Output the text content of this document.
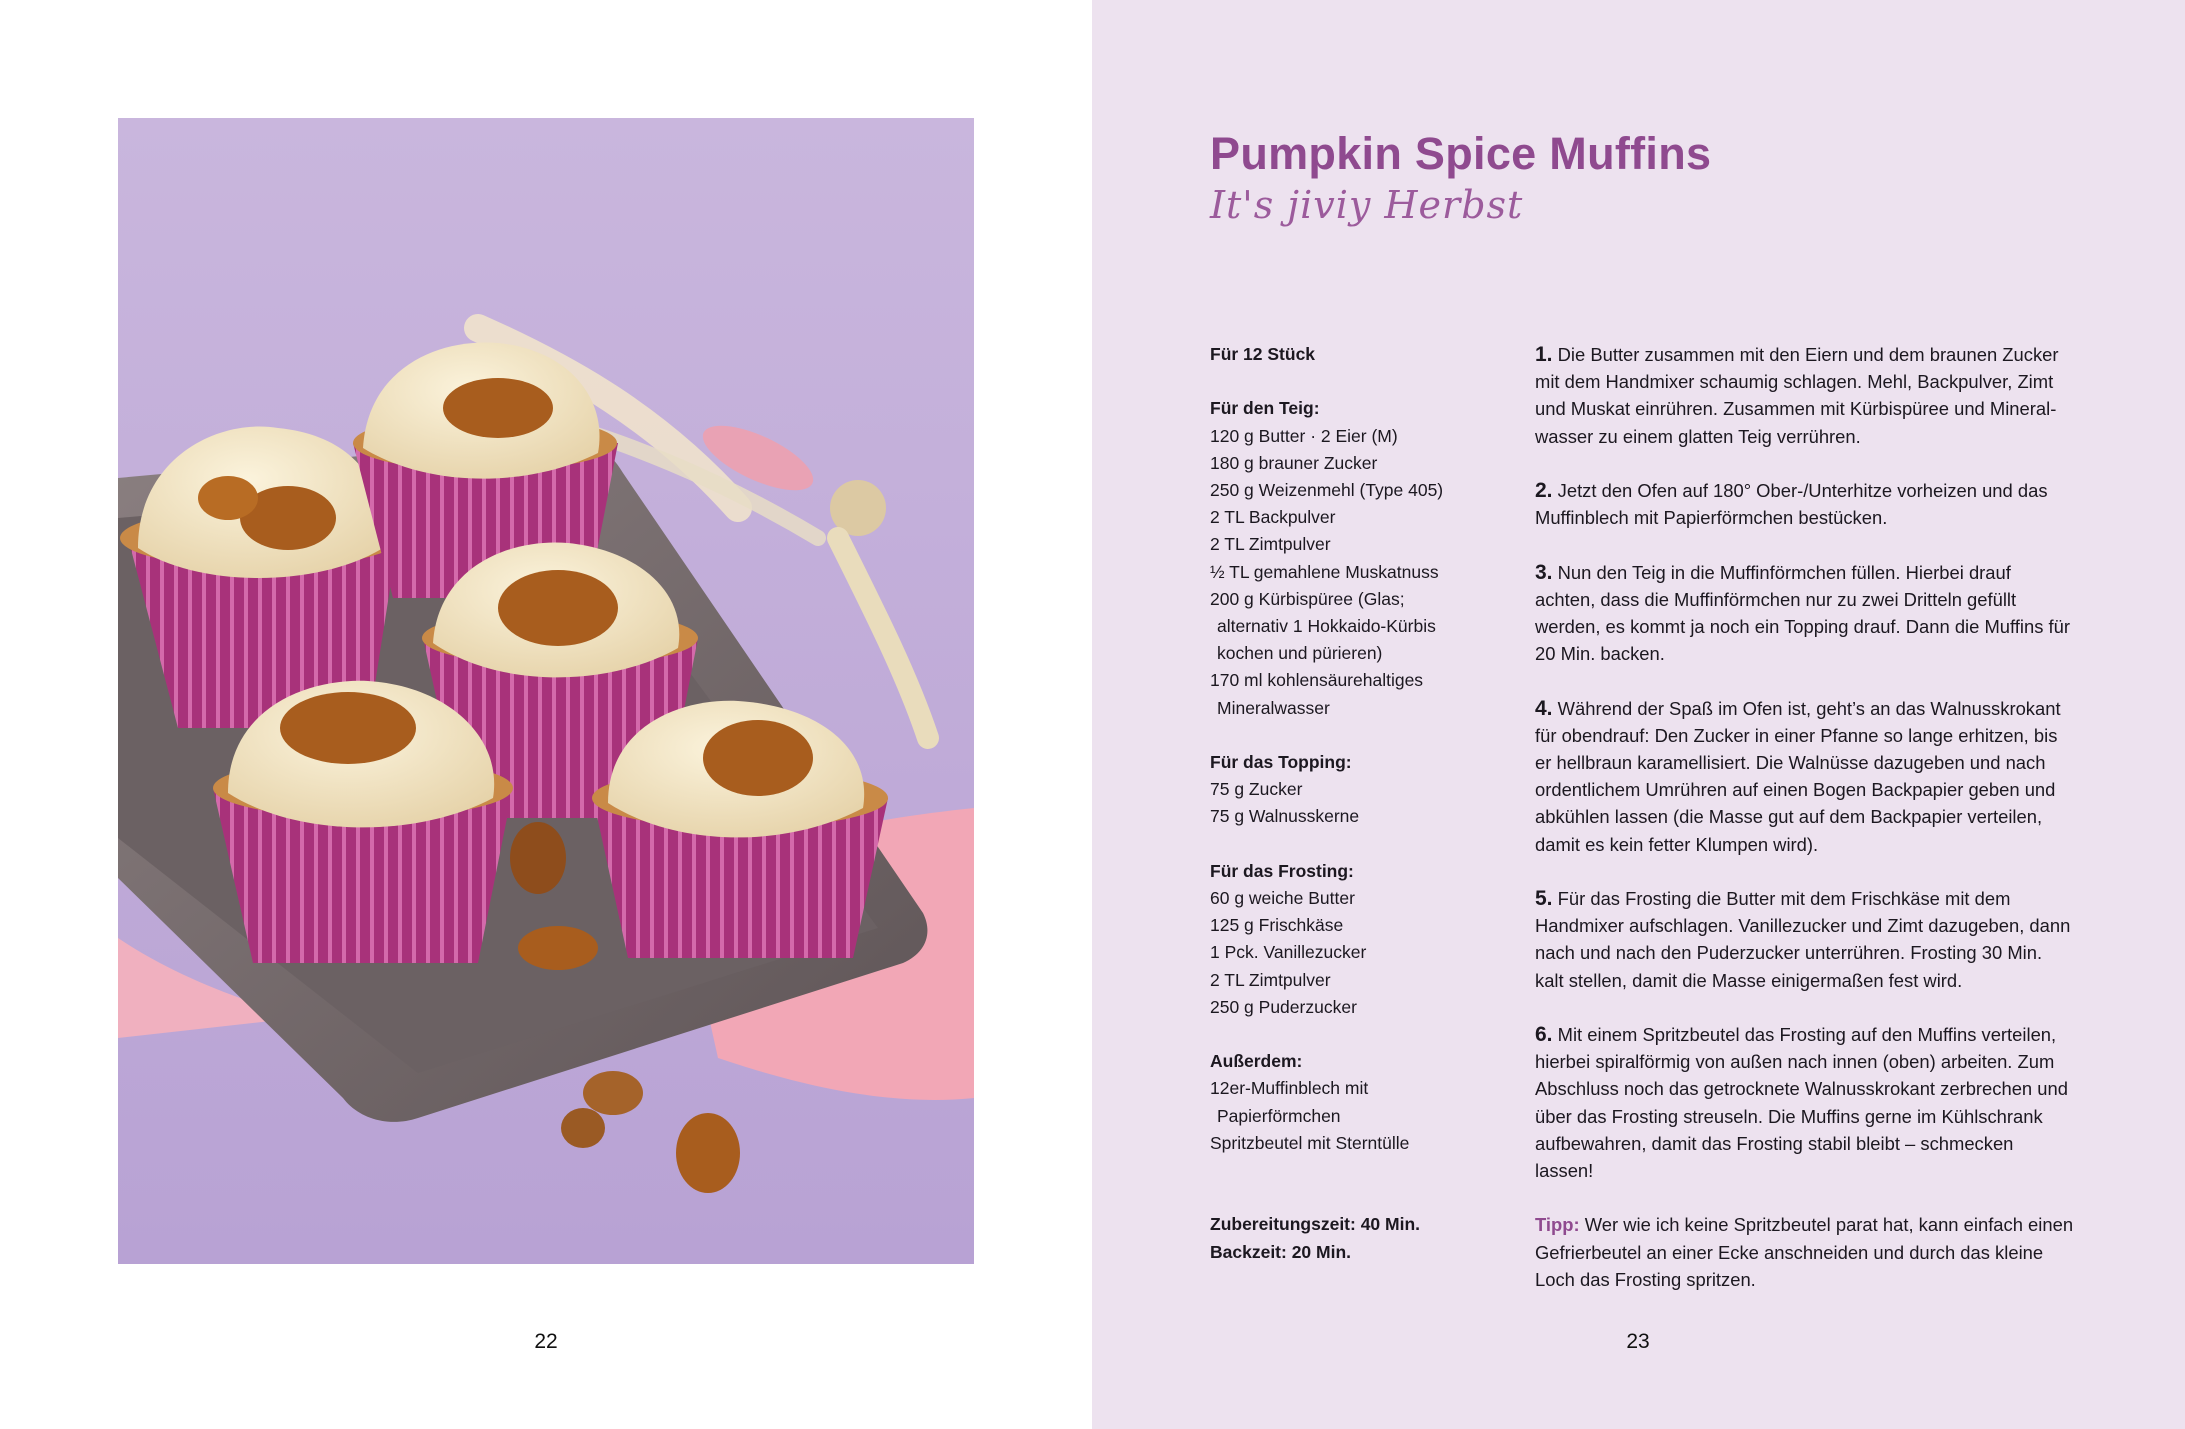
22
Pumpkin Spice Muffins
It's jiviy Herbst
Für 12 Stück
Für den Teig:
120 g Butter · 2 Eier (M)
180 g brauner Zucker
250 g Weizenmehl (Type 405)
2 TL Backpulver
2 TL Zimtpulver
½ TL gemahlene Muskatnuss
200 g Kürbispüree (Glas;
alternativ 1 Hokkaido-Kürbis
kochen und pürieren)
170 ml kohlensäurehaltiges
Mineralwasser
Für das Topping:
75 g Zucker
75 g Walnusskerne
Für das Frosting:
60 g weiche Butter
125 g Frischkäse
1 Pck. Vanillezucker
2 TL Zimtpulver
250 g Puderzucker
Außerdem:
12er-Muffinblech mit
Papierförmchen
Spritzbeutel mit Sterntülle
Zubereitungszeit: 40 Min.
Backzeit: 20 Min.

1. Die Butter zusammen mit den Eiern und dem braunen Zucker mit dem Handmixer schaumig schlagen. Mehl, Backpulver, Zimt und Muskat einrühren. Zusammen mit Kürbispüree und Mineralwasser zu einem glatten Teig verrühren.

2. Jetzt den Ofen auf 180° Ober-/Unterhitze vorheizen und das Muffinblech mit Papierförmchen bestücken.

3. Nun den Teig in die Muffinförmchen füllen. Hierbei drauf achten, dass die Muffinförmchen nur zu zwei Dritteln gefüllt werden, es kommt ja noch ein Topping drauf. Dann die Muffins für 20 Min. backen.

4. Während der Spaß im Ofen ist, geht’s an das Walnusskrokant für obendrauf: Den Zucker in einer Pfanne so lange erhitzen, bis er hellbraun karamellisiert. Die Walnüsse dazugeben und nach ordentlichem Umrühren auf einen Bogen Backpapier geben und abkühlen lassen (die Masse gut auf dem Backpapier verteilen, damit es kein fetter Klumpen wird).

5. Für das Frosting die Butter mit dem Frischkäse mit dem Handmixer aufschlagen. Vanillezucker und Zimt dazugeben, dann nach und nach den Puderzucker unterrühren. Frosting 30 Min. kalt stellen, damit die Masse einigermaßen fest wird.

6. Mit einem Spritzbeutel das Frosting auf den Muffins verteilen, hierbei spiralförmig von außen nach innen (oben) arbeiten. Zum Abschluss noch das getrocknete Walnusskrokant zerbrechen und über das Frosting streuseln. Die Muffins gerne im Kühlschrank aufbewahren, damit das Frosting stabil bleibt – schmecken lassen!

Tipp: Wer wie ich keine Spritzbeutel parat hat, kann einfach einen Gefrierbeutel an einer Ecke anschneiden und durch das kleine Loch das Frosting spritzen.

23
